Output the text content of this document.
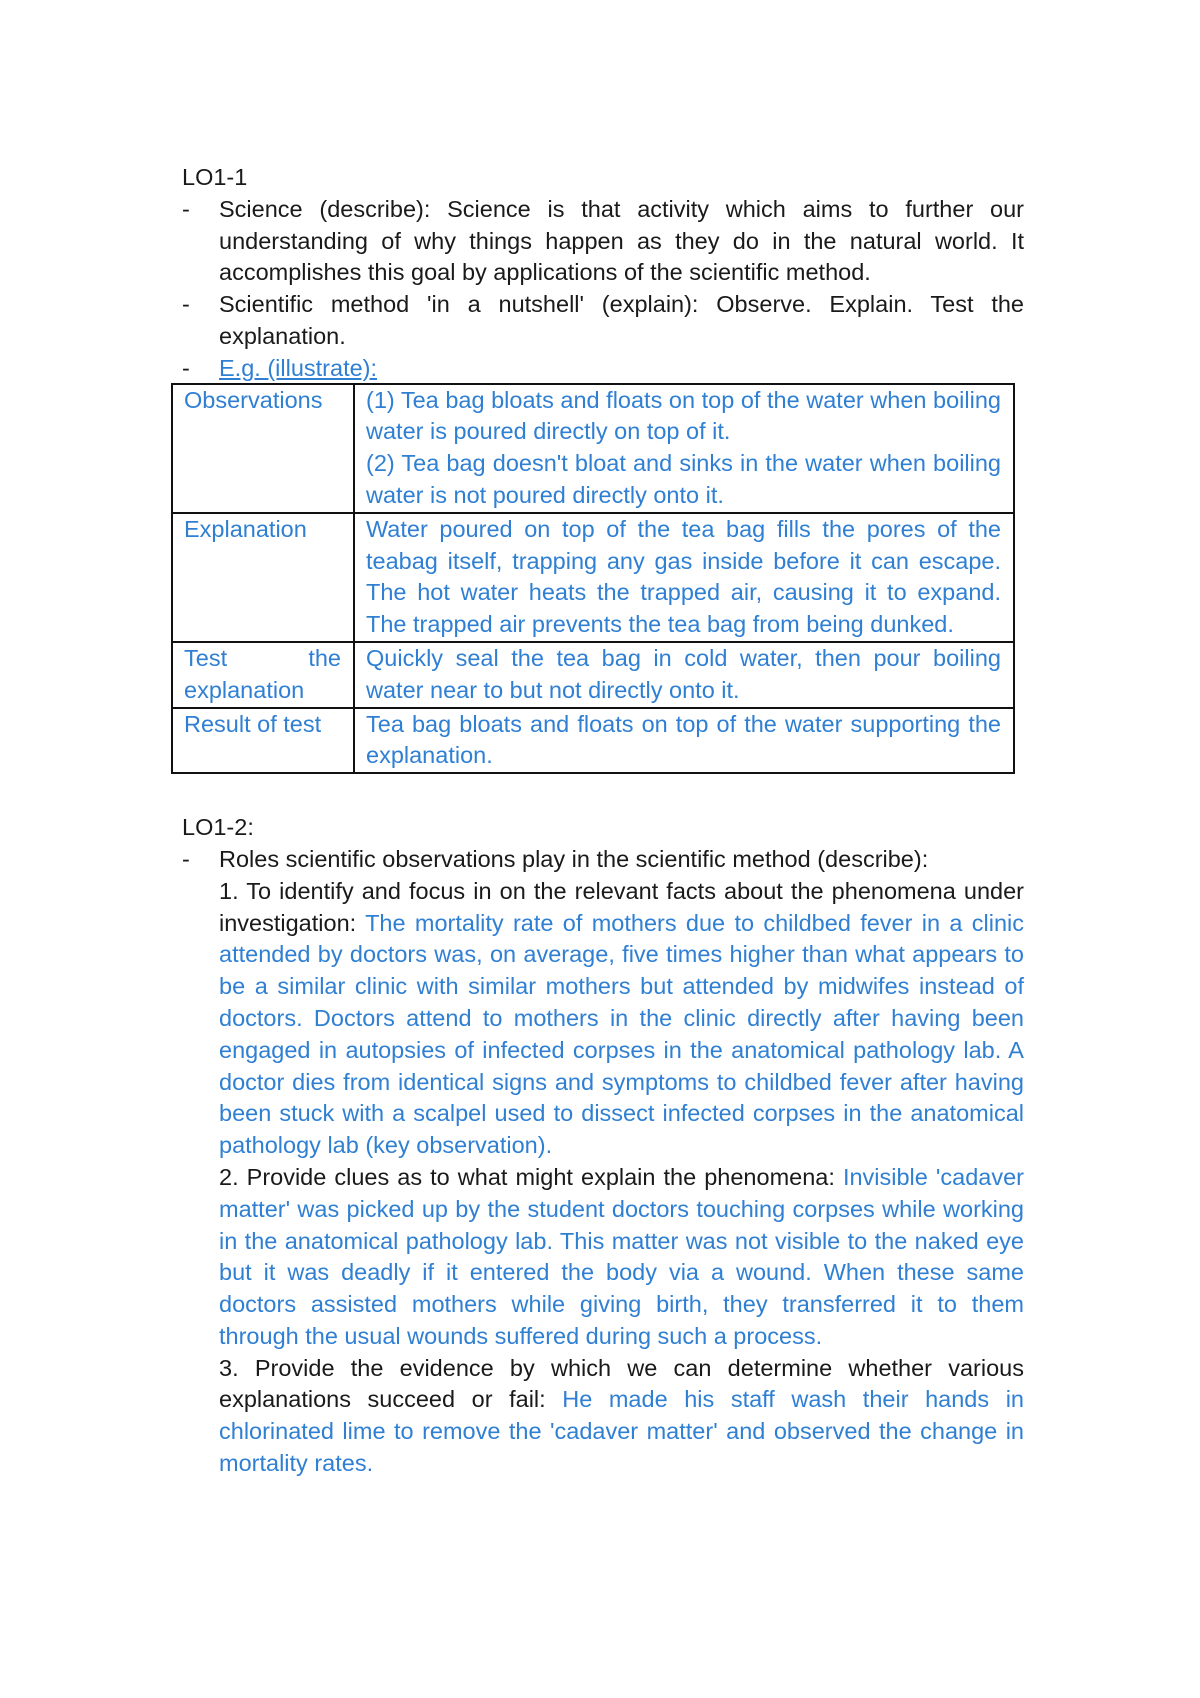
LO1-1

- Science (describe): Science is that activity which aims to further our understanding of why things happen as they do in the natural world. It accomplishes this goal by applications of the scientific method.
- Scientific method 'in a nutshell' (explain): Observe. Explain. Test the explanation.
- E.g. (illustrate):
Observations	(1) Tea bag bloats and floats on top of the water when boiling water is poured directly on top of it.
(2) Tea bag doesn't bloat and sinks in the water when boiling water is not poured directly onto it.

Explanation	Water poured on top of the tea bag fills the pores of the teabag itself, trapping any gas inside before it can escape. The hot water heats the trapped air, causing it to expand. The trapped air prevents the tea bag from being dunked.

Test the explanation	Quickly seal the tea bag in cold water, then pour boiling water near to but not directly onto it.

Result of test	Tea bag bloats and floats on top of the water supporting the explanation.

LO1-2:

- Roles scientific observations play in the scientific method (describe):
1. To identify and focus in on the relevant facts about the phenomena under investigation: The mortality rate of mothers due to childbed fever in a clinic attended by doctors was, on average, five times higher than what appears to be a similar clinic with similar mothers but attended by midwifes instead of doctors. Doctors attend to mothers in the clinic directly after having been engaged in autopsies of infected corpses in the anatomical pathology lab. A doctor dies from identical signs and symptoms to childbed fever after having been stuck with a scalpel used to dissect infected corpses in the anatomical pathology lab (key observation).
2. Provide clues as to what might explain the phenomena: Invisible 'cadaver matter' was picked up by the student doctors touching corpses while working in the anatomical pathology lab. This matter was not visible to the naked eye but it was deadly if it entered the body via a wound. When these same doctors assisted mothers while giving birth, they transferred it to them through the usual wounds suffered during such a process.
3. Provide the evidence by which we can determine whether various explanations succeed or fail: He made his staff wash their hands in chlorinated lime to remove the 'cadaver matter' and observed the change in mortality rates.
